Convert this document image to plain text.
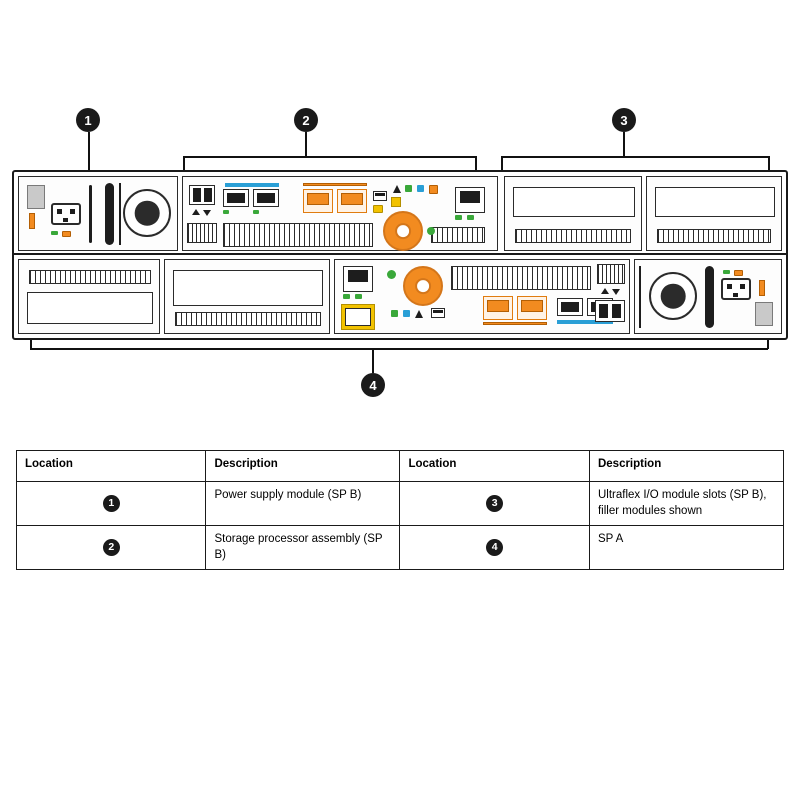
1	2	3
4
Location	Description	Location	Description
1	Power supply module (SP B)	3	Ultraflex I/O module slots (SP B), filler modules shown
2	Storage processor assembly (SP B)	4	SP A
